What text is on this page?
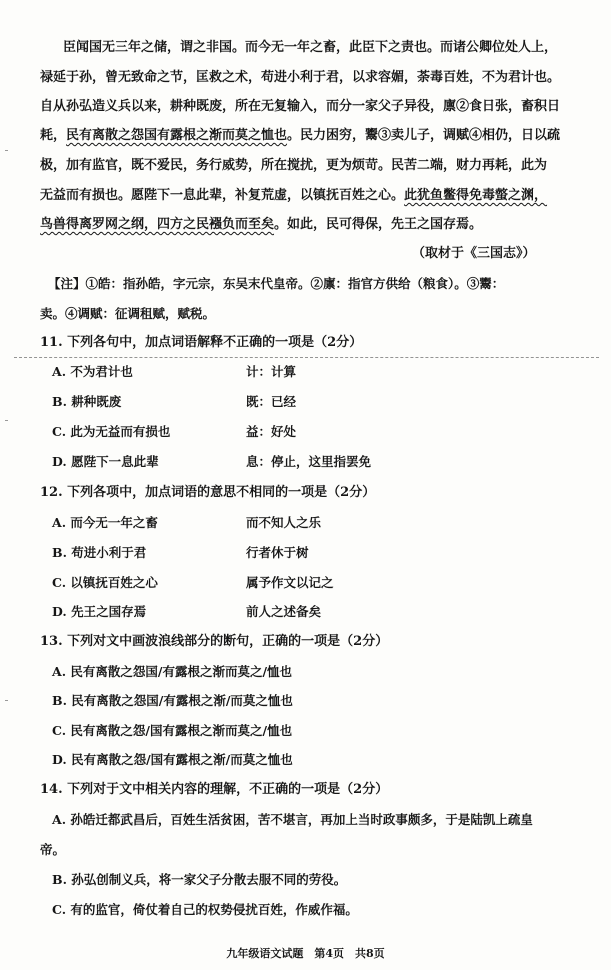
臣闻国无三年之储，谓之非国。而今无一年之畜，此臣下之责也。而诸公卿位处人上，
禄延于孙，曾无致命之节，匡救之术，苟进小利于君，以求容媚，荼毒百姓，不为君计也。
自从孙弘造义兵以来，耕种既废，所在无复输入，而分一家父子异役，廪②食日张，畜积日
耗，民有离散之怨国有露根之渐而莫之恤也。民力困穷，鬻③卖儿子，调赋④相仍，日以疏
极，加有监官，既不爱民，务行威势，所在搅扰，更为烦苛。民苦二端，财力再耗，此为
无益而有损也。愿陛下一息此辈，补复荒虚，以镇抚百姓之心。此犹鱼鳖得免毒螫之渊，
鸟兽得离罗网之纲，四方之民襁负而至矣。如此，民可得保，先王之国存焉。
（取材于《三国志》）
【注】①皓：指孙皓，字元宗，东吴末代皇帝。②廪：指官方供给（粮食）。③鬻：
卖。④调赋：征调租赋，赋税。
11. 下列各句中，加点词语解释不正确的一项是（2分）
A. 不为君计也	计：计算
B. 耕种既废	既：已经
C. 此为无益而有损也	益：好处
D. 愿陛下一息此辈	息：停止，这里指罢免
12. 下列各项中，加点词语的意思不相同的一项是（2分）
A. 而今无一年之畜	而不知人之乐
B. 苟进小利于君	行者休于树
C. 以镇抚百姓之心	属予作文以记之
D. 先王之国存焉	前人之述备矣
13. 下列对文中画波浪线部分的断句，正确的一项是（2分）
A. 民有离散之怨国/有露根之渐而莫之/恤也
B. 民有离散之怨国/有露根之渐/而莫之恤也
C. 民有离散之怨/国有露根之渐而莫之/恤也
D. 民有离散之怨/国有露根之渐/而莫之恤也
14. 下列对于文中相关内容的理解，不正确的一项是（2分）
A. 孙皓迁都武昌后，百姓生活贫困，苦不堪言，再加上当时政事颇多，于是陆凯上疏皇
帝。
B. 孙弘创制义兵，将一家父子分散去服不同的劳役。
C. 有的监官，倚仗着自己的权势侵扰百姓，作威作福。
九年级语文试题　第4页　共8页
